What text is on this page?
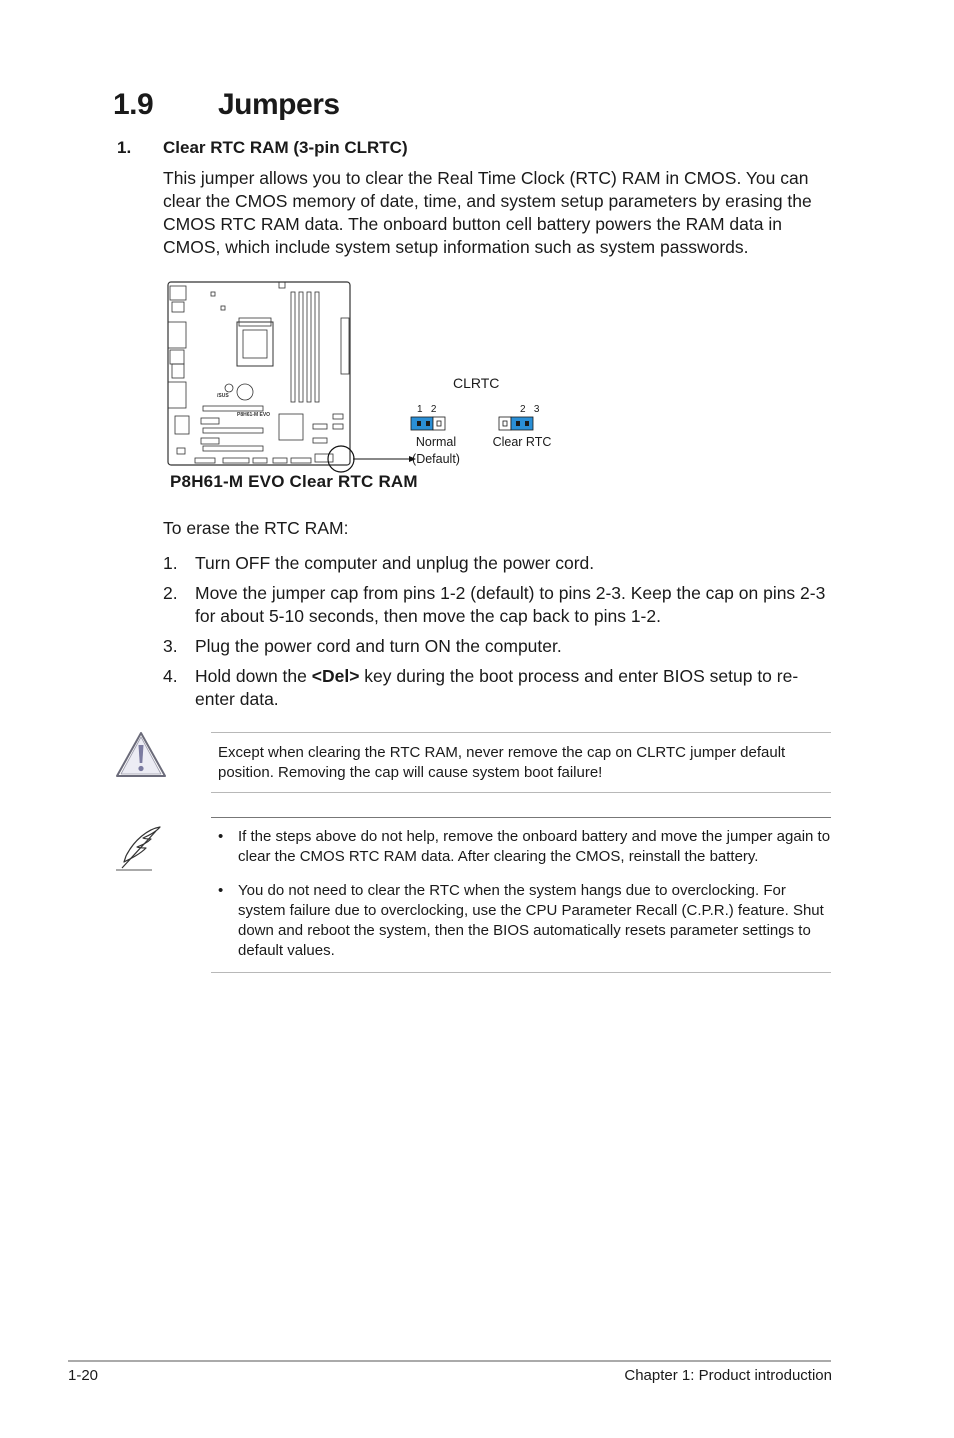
1.9 Jumpers
1. Clear RTC RAM (3-pin CLRTC)
This jumper allows you to clear the Real Time Clock (RTC) RAM in CMOS. You can clear the CMOS memory of date, time, and system setup parameters by erasing the CMOS RTC RAM data. The onboard button cell battery powers the RAM data in CMOS, which include system setup information such as system passwords.
/SUS
P8H61-M EVO
CLRTC
1   2
Normal
(Default)
2   3
Clear RTC
P8H61-M EVO Clear RTC RAM
To erase the RTC RAM:
1. Turn OFF the computer and unplug the power cord.
2. Move the jumper cap from pins 1-2 (default) to pins 2-3. Keep the cap on pins 2-3 for about 5-10 seconds, then move the cap back to pins 1-2.
3. Plug the power cord and turn ON the computer.
4. Hold down the <Del> key during the boot process and enter BIOS setup to re-enter data.
Except when clearing the RTC RAM, never remove the cap on CLRTC jumper default position. Removing the cap will cause system boot failure!
• If the steps above do not help, remove the onboard battery and move the jumper again to clear the CMOS RTC RAM data. After clearing the CMOS, reinstall the battery.
• You do not need to clear the RTC when the system hangs due to overclocking. For system failure due to overclocking, use the CPU Parameter Recall (C.P.R.) feature. Shut down and reboot the system, then the BIOS automatically resets parameter settings to default values.
1-20	Chapter 1: Product introduction
